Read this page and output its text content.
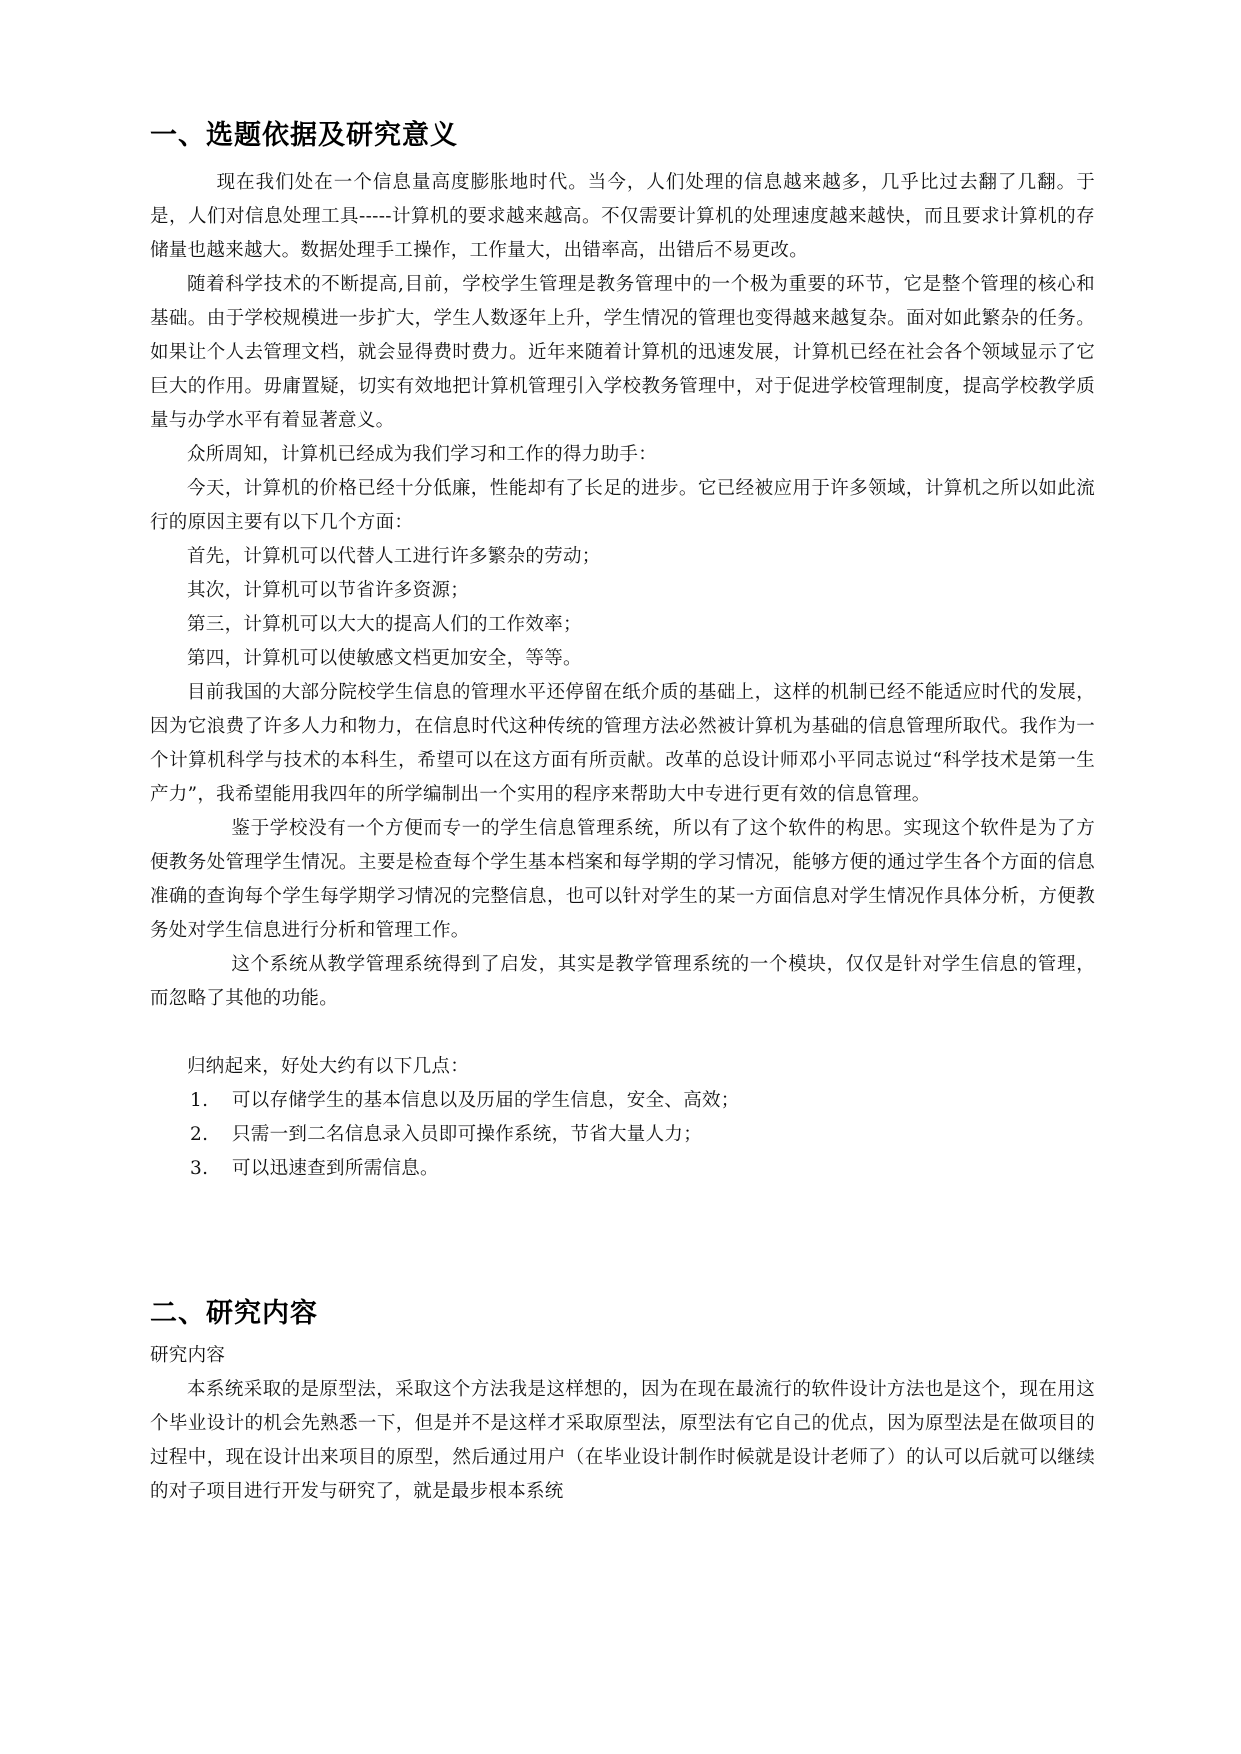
一、选题依据及研究意义

现在我们处在一个信息量高度膨胀地时代。当今，人们处理的信息越来越多，几乎比过去翻了几翻。于是，人们对信息处理工具-----计算机的要求越来越高。不仅需要计算机的处理速度越来越快，而且要求计算机的存储量也越来越大。数据处理手工操作，工作量大，出错率高，出错后不易更改。

随着科学技术的不断提高,目前，学校学生管理是教务管理中的一个极为重要的环节，它是整个管理的核心和基础。由于学校规模进一步扩大，学生人数逐年上升，学生情况的管理也变得越来越复杂。面对如此繁杂的任务。如果让个人去管理文档，就会显得费时费力。近年来随着计算机的迅速发展，计算机已经在社会各个领域显示了它巨大的作用。毋庸置疑，切实有效地把计算机管理引入学校教务管理中，对于促进学校管理制度，提高学校教学质量与办学水平有着显著意义。

众所周知，计算机已经成为我们学习和工作的得力助手：

今天，计算机的价格已经十分低廉，性能却有了长足的进步。它已经被应用于许多领域，计算机之所以如此流行的原因主要有以下几个方面：

首先，计算机可以代替人工进行许多繁杂的劳动；

其次，计算机可以节省许多资源；

第三，计算机可以大大的提高人们的工作效率；

第四，计算机可以使敏感文档更加安全，等等。

目前我国的大部分院校学生信息的管理水平还停留在纸介质的基础上，这样的机制已经不能适应时代的发展，因为它浪费了许多人力和物力，在信息时代这种传统的管理方法必然被计算机为基础的信息管理所取代。我作为一个计算机科学与技术的本科生，希望可以在这方面有所贡献。改革的总设计师邓小平同志说过“科学技术是第一生产力”，我希望能用我四年的所学编制出一个实用的程序来帮助大中专进行更有效的信息管理。

鉴于学校没有一个方便而专一的学生信息管理系统，所以有了这个软件的构思。实现这个软件是为了方便教务处管理学生情况。主要是检查每个学生基本档案和每学期的学习情况，能够方便的通过学生各个方面的信息准确的查询每个学生每学期学习情况的完整信息，也可以针对学生的某一方面信息对学生情况作具体分析，方便教务处对学生信息进行分析和管理工作。

这个系统从教学管理系统得到了启发，其实是教学管理系统的一个模块，仅仅是针对学生信息的管理，而忽略了其他的功能。

归纳起来，好处大约有以下几点：

1.	可以存储学生的基本信息以及历届的学生信息，安全、高效；
2.	只需一到二名信息录入员即可操作系统，节省大量人力；
3.	可以迅速查到所需信息。
二、研究内容

研究内容

本系统采取的是原型法，采取这个方法我是这样想的，因为在现在最流行的软件设计方法也是这个，现在用这个毕业设计的机会先熟悉一下，但是并不是这样才采取原型法，原型法有它自己的优点，因为原型法是在做项目的过程中，现在设计出来项目的原型，然后通过用户（在毕业设计制作时候就是设计老师了）的认可以后就可以继续的对子项目进行开发与研究了，就是最步根本系统
